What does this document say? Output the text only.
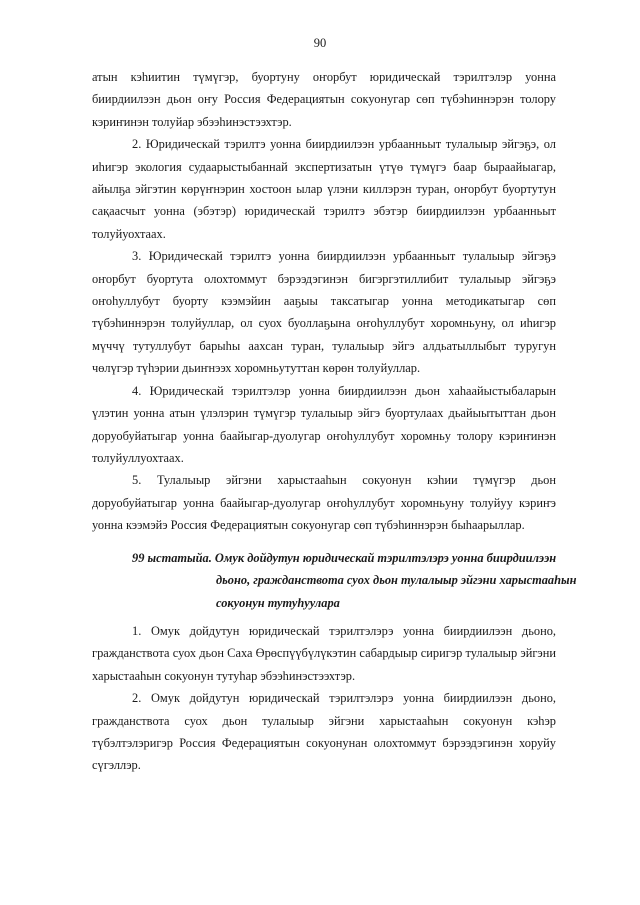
90

атын кэһиитин түмүгэр, буортуну оҥорбут юридическай тэрилтэлэр уонна биирдиилээн дьон оҥу Россия Федерациятын сокуонугар сөп түбэһиннэрэн толору кэриҥинэн толуйар эбээһинэстээхтэр.

2. Юридическай тэрилтэ уонна биирдиилээн урбаанньыт тулалыыр эйгэҕэ, ол иһигэр экология судаарыстыбаннай экспертизатын үтүө түмүгэ баар быраайыагар, айылҕа эйгэтин көрүҥнэрин хостоон ылар үлэни киллэрэн туран, оҥорбут буортутун сақаасчыт уонна (эбэтэр) юридическай тэрилтэ эбэтэр биирдиилээн урбаанньыт толуйуохтаах.

3. Юридическай тэрилтэ уонна биирдиилээн урбаанньыт тулалыыр эйгэҕэ оҥорбут буортута олохтоммут бэрээдэгинэн бигэргэтиллибит тулалыыр эйгэҕэ оҥоһуллубут буорту кээмэйин ааҕыы таксатыгар уонна методикатыгар сөп түбэһиннэрэн толуйуллар, ол суох буоллаҕына оҥоһуллубут хоромньуну, ол иһигэр мүччү тутуллубут барыһы аахсан туран, тулалыыр эйгэ алдьатыллыбыт туругун чөлүгэр түһэрии дьиҥнээх хоромньутуттан көрөн толуйуллар.

4. Юридическай тэрилтэлэр уонна биирдиилээн дьон хаһаайыстыбаларын үлэтин уонна атын үлэлэрин түмүгэр тулалыыр эйгэ буортулаах дьайыытыттан дьон доруобуйатыгар уонна баайыгар-дуолугар оҥоһуллубут хоромньу толору кэриҥинэн толуйуллуохтаах.

5. Тулалыыр эйгэни харыстааһын сокуонун кэһии түмүгэр дьон доруобуйатыгар уонна баайыгар-дуолугар оҥоһуллубут хоромньуну толуйуу кэриҥэ уонна кээмэйэ Россия Федерациятын сокуонугар сөп түбэһиннэрэн быһаарыллар.

99 ыстатыйа. Омук дойдутун юридическай тэрилтэлэрэ уонна биирдиилээн
дьоно, гражданствота суох дьон тулалыыр эйгэни харыстааһын
сокуонун тутуһуулара

1. Омук дойдутун юридическай тэрилтэлэрэ уонна биирдиилээн дьоно, гражданствота суох дьон Саха Өрөспүүбүлүкэтин сабардыыр сиригэр тулалыыр эйгэни харыстааһын сокуонун тутуһар эбээһинэстээхтэр.

2. Омук дойдутун юридическай тэрилтэлэрэ уонна биирдиилээн дьоно, гражданствота суох дьон тулалыыр эйгэни харыстааһын сокуонун кэһэр түбэлтэлэригэр Россия Федерациятын сокуонунан олохтоммут бэрээдэгинэн хоруйу сүгэллэр.
